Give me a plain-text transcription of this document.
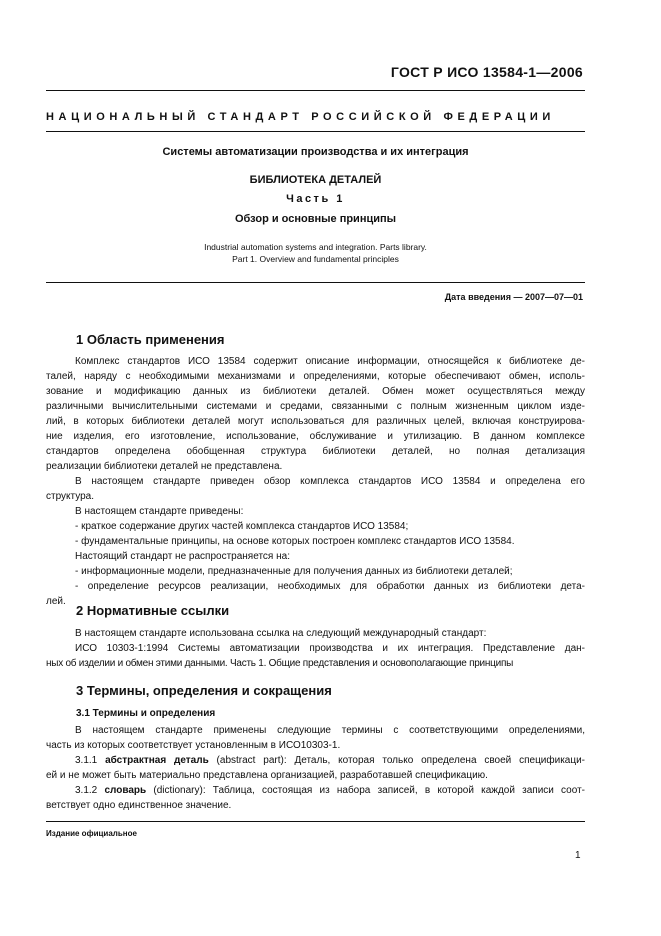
ГОСТ Р ИСО 13584-1—2006
НАЦИОНАЛЬНЫЙ СТАНДАРТ РОССИЙСКОЙ ФЕДЕРАЦИИ
Системы автоматизации производства и их интеграция
БИБЛИОТЕКА ДЕТАЛЕЙ
Часть 1
Обзор и основные принципы
Industrial automation systems and integration. Parts library.
Part 1. Overview and fundamental principles
Дата введения — 2007—07—01
1 Область применения

Комплекс стандартов ИСО 13584 содержит описание информации, относящейся к библиотеке де-

талей, наряду с необходимыми механизмами и определениями, которые обеспечивают обмен, исполь-

зование и модификацию данных из библиотеки деталей. Обмен может осуществляться между

различными вычислительными системами и средами, связанными с полным жизненным циклом изде-

лий, в которых библиотеки деталей могут использоваться для различных целей, включая конструирова-

ние изделия, его изготовление, использование, обслуживание и утилизацию. В данном комплексе

стандартов определена обобщенная структура библиотеки деталей, но полная детализация

реализации библиотеки деталей не представлена.

В настоящем стандарте приведен обзор комплекса стандартов ИСО 13584 и определена его

структура.

В настоящем стандарте приведены:

- краткое содержание других частей комплекса стандартов ИСО 13584;

- фундаментальные принципы, на основе которых построен комплекс стандартов ИСО 13584.

Настоящий стандарт не распространяется на:

- информационные модели, предназначенные для получения данных из библиотеки деталей;

- определение ресурсов реализации, необходимых для обработки данных из библиотеки дета-

лей.

2 Нормативные ссылки

В настоящем стандарте использована ссылка на следующий международный стандарт:

ИСО 10303-1:1994 Системы автоматизации производства и их интеграция. Представление дан-

ных об изделии и обмен этими данными. Часть 1. Общие представления и основополагающие принципы

3 Термины, определения и сокращения
3.1 Термины и определения

В настоящем стандарте применены следующие термины с соответствующими определениями,

часть из которых соответствует установленным в ИСО10303-1.

3.1.1 абстрактная деталь (abstract part): Деталь, которая только определена своей спецификаци-

ей и не может быть материально представлена организацией, разработавшей спецификацию.

3.1.2 словарь (dictionary): Таблица, состоящая из набора записей, в которой каждой записи соот-

ветствует одно единственное значение.

Издание официальное
1
